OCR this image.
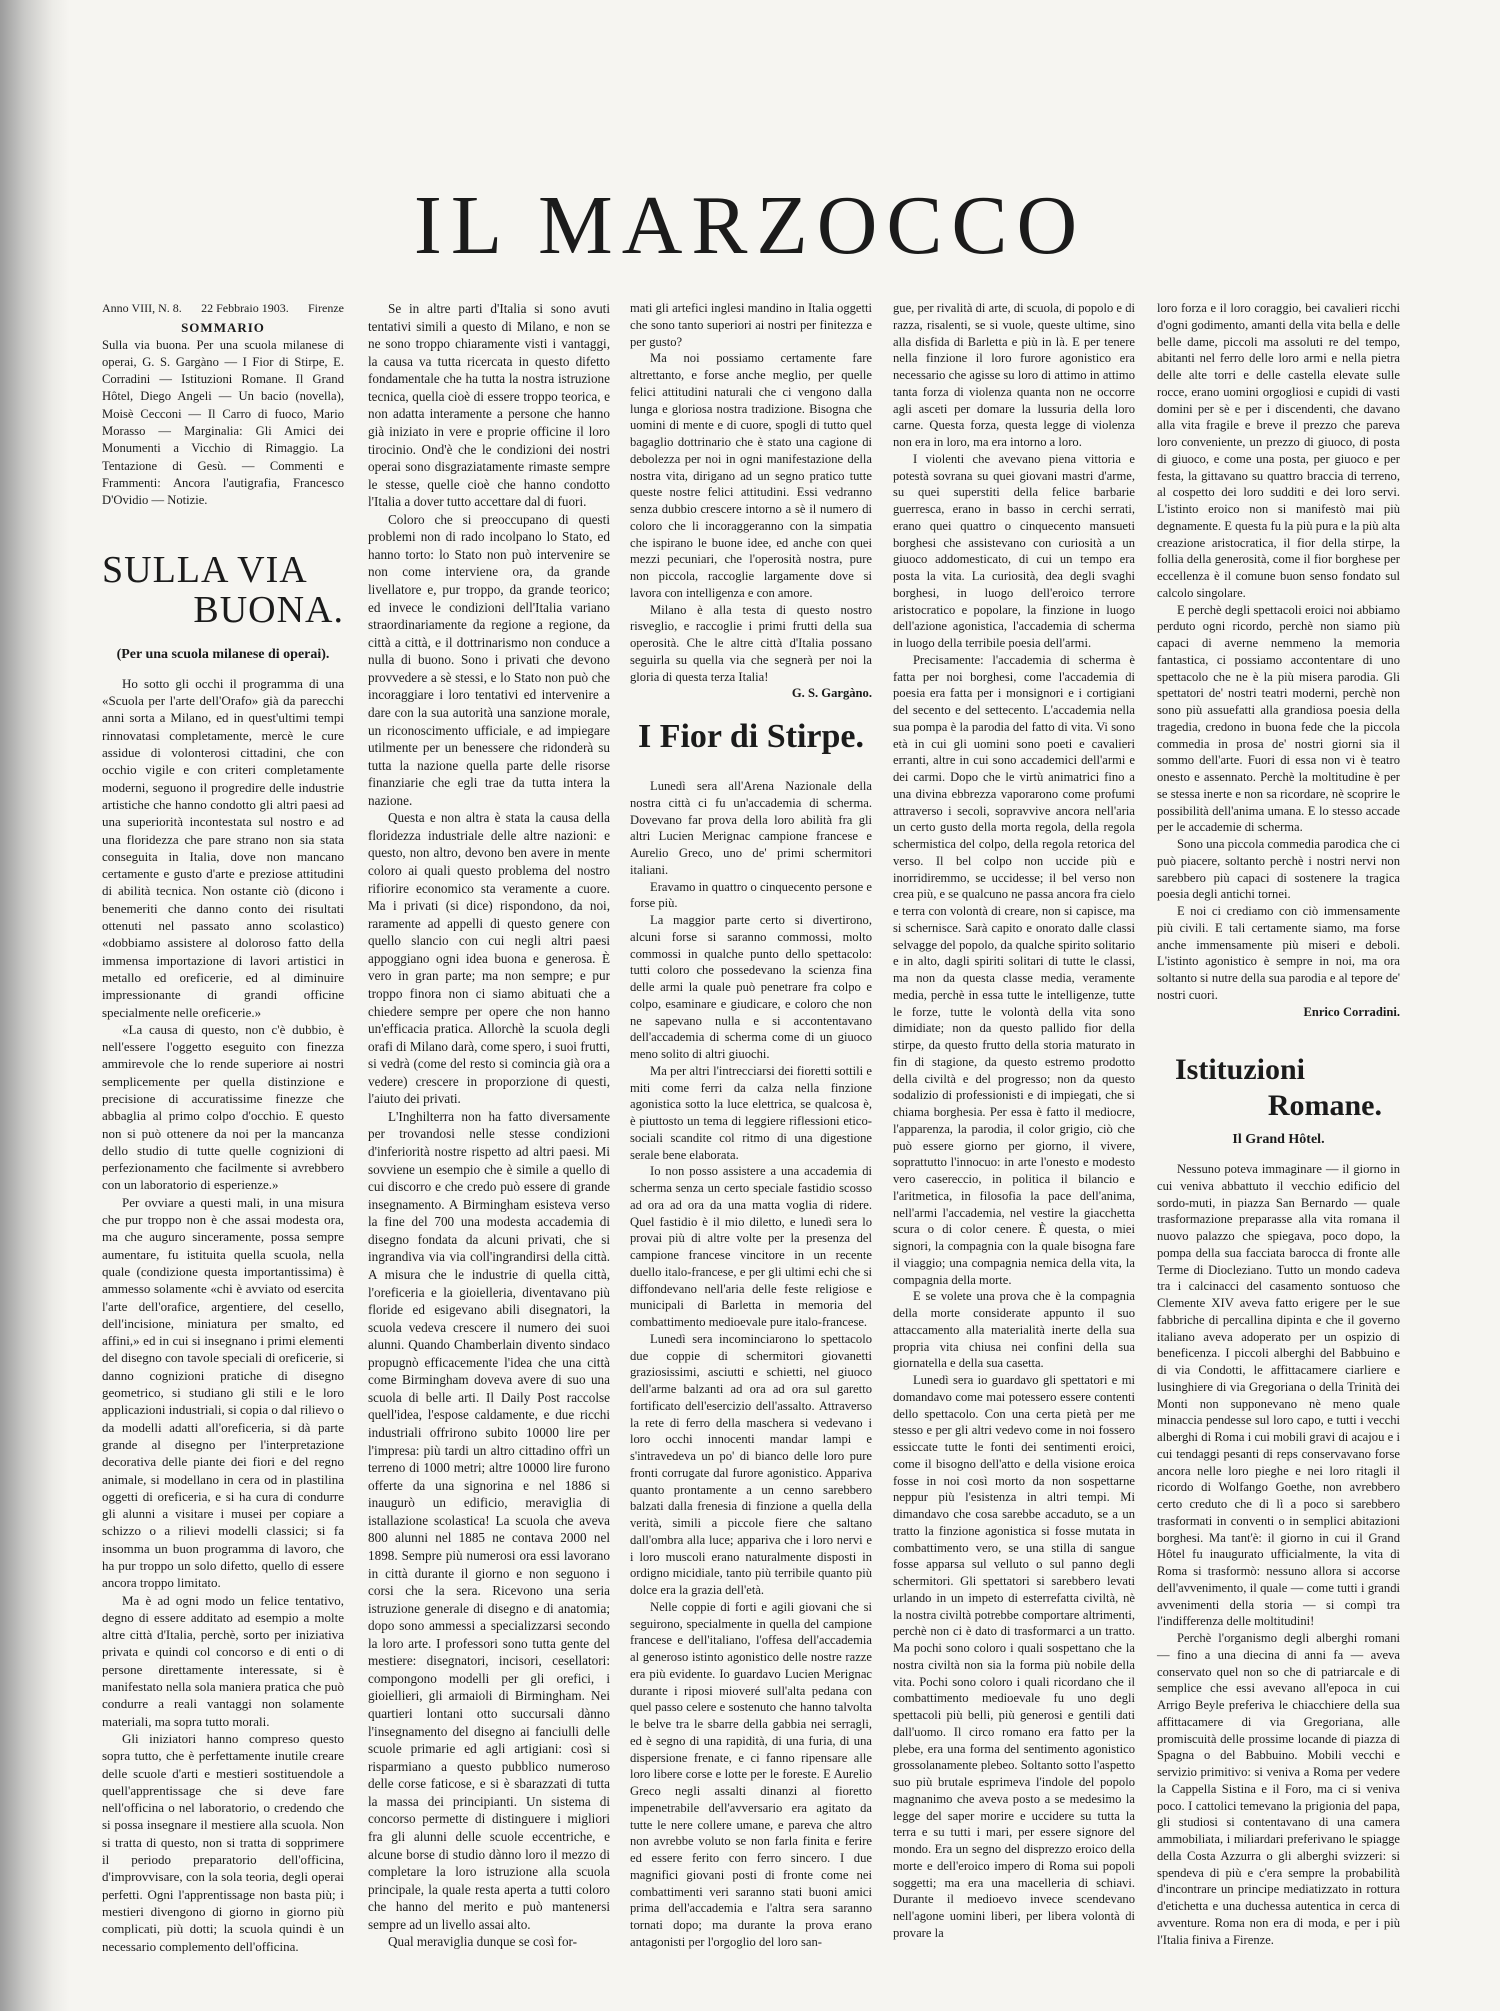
IL MARZOCCO
Anno VIII, N. 8. 22 Febbraio 1903. Firenze
SOMMARIO

Sulla via buona. Per una scuola milanese di operai, G. S. Gargàno — I Fior di Stirpe, E. Corradini — Istituzioni Romane. Il Grand Hôtel, Diego Angeli — Un bacio (novella), Moisè Cecconi — Il Carro di fuoco, Mario Morasso — Marginalia: Gli Amici dei Monumenti a Vicchio di Rimaggio. La Tentazione di Gesù. — Commenti e Frammenti: Ancora l'autigrafia, Francesco D'Ovidio — Notizie.

SULLA VIA
BUONA.
(Per una scuola milanese di operai).

Ho sotto gli occhi il programma di una «Scuola per l'arte dell'Orafo» già da parecchi anni sorta a Milano, ed in quest'ultimi tempi rinnovatasi completamente, mercè le cure assidue di volonterosi cittadini, che con occhio vigile e con criteri completamente moderni, seguono il progredire delle industrie artistiche che hanno condotto gli altri paesi ad una superiorità incontestata sul nostro e ad una floridezza che pare strano non sia stata conseguita in Italia, dove non mancano certamente e gusto d'arte e preziose attitudini di abilità tecnica. Non ostante ciò (dicono i benemeriti che danno conto dei risultati ottenuti nel passato anno scolastico) «dobbiamo assistere al doloroso fatto della immensa importazione di lavori artistici in metallo ed oreficerie, ed al diminuire impressionante di grandi officine specialmente nelle oreficerie.»

«La causa di questo, non c'è dubbio, è nell'essere l'oggetto eseguito con finezza ammirevole che lo rende superiore ai nostri semplicemente per quella distinzione e precisione di accuratissime finezze che abbaglia al primo colpo d'occhio. E questo non si può ottenere da noi per la mancanza dello studio di tutte quelle cognizioni di perfezionamento che facilmente si avrebbero con un laboratorio di esperienze.»

Per ovviare a questi mali, in una misura che pur troppo non è che assai modesta ora, ma che auguro sinceramente, possa sempre aumentare, fu istituita quella scuola, nella quale (condizione questa importantissima) è ammesso solamente «chi è avviato od esercita l'arte dell'orafice, argentiere, del cesello, dell'incisione, miniatura per smalto, ed affini,» ed in cui si insegnano i primi elementi del disegno con tavole speciali di oreficerie, si danno cognizioni pratiche di disegno geometrico, si studiano gli stili e le loro applicazioni industriali, si copia o dal rilievo o da modelli adatti all'oreficeria, si dà parte grande al disegno per l'interpretazione decorativa delle piante dei fiori e del regno animale, si modellano in cera od in plastilina oggetti di oreficeria, e si ha cura di condurre gli alunni a visitare i musei per copiare a schizzo o a rilievi modelli classici; si fa insomma un buon programma di lavoro, che ha pur troppo un solo difetto, quello di essere ancora troppo limitato.

Ma è ad ogni modo un felice tentativo, degno di essere additato ad esempio a molte altre città d'Italia, perchè, sorto per iniziativa privata e quindi col concorso e di enti o di persone direttamente interessate, si è manifestato nella sola maniera pratica che può condurre a reali vantaggi non solamente materiali, ma sopra tutto morali.

Gli iniziatori hanno compreso questo sopra tutto, che è perfettamente inutile creare delle scuole d'arti e mestieri sostituendole a quell'apprentissage che si deve fare nell'officina o nel laboratorio, o credendo che si possa insegnare il mestiere alla scuola. Non si tratta di questo, non si tratta di sopprimere il periodo preparatorio dell'officina, d'improvvisare, con la sola teoria, degli operai perfetti. Ogni l'apprentissage non basta più; i mestieri divengono di giorno in giorno più complicati, più dotti; la scuola quindi è un necessario complemento dell'officina.

Se in altre parti d'Italia si sono avuti tentativi simili a questo di Milano, e non se ne sono troppo chiaramente visti i vantaggi, la causa va tutta ricercata in questo difetto fondamentale che ha tutta la nostra istruzione tecnica, quella cioè di essere troppo teorica, e non adatta interamente a persone che hanno già iniziato in vere e proprie officine il loro tirocinio. Ond'è che le condizioni dei nostri operai sono disgraziatamente rimaste sempre le stesse, quelle cioè che hanno condotto l'Italia a dover tutto accettare dal di fuori.

Coloro che si preoccupano di questi problemi non di rado incolpano lo Stato, ed hanno torto: lo Stato non può intervenire se non come interviene ora, da grande livellatore e, pur troppo, da grande teorico; ed invece le condizioni dell'Italia variano straordinariamente da regione a regione, da città a città, e il dottrinarismo non conduce a nulla di buono. Sono i privati che devono provvedere a sè stessi, e lo Stato non può che incoraggiare i loro tentativi ed intervenire a dare con la sua autorità una sanzione morale, un riconoscimento ufficiale, e ad impiegare utilmente per un benessere che ridonderà su tutta la nazione quella parte delle risorse finanziarie che egli trae da tutta intera la nazione.

Questa e non altra è stata la causa della floridezza industriale delle altre nazioni: e questo, non altro, devono ben avere in mente coloro ai quali questo problema del nostro rifiorire economico sta veramente a cuore. Ma i privati (si dice) rispondono, da noi, raramente ad appelli di questo genere con quello slancio con cui negli altri paesi appoggiano ogni idea buona e generosa. È vero in gran parte; ma non sempre; e pur troppo finora non ci siamo abituati che a chiedere sempre per opere che non hanno un'efficacia pratica. Allorchè la scuola degli orafi di Milano darà, come spero, i suoi frutti, si vedrà (come del resto si comincia già ora a vedere) crescere in proporzione di questi, l'aiuto dei privati.

L'Inghilterra non ha fatto diversamente per trovandosi nelle stesse condizioni d'inferiorità nostre rispetto ad altri paesi. Mi sovviene un esempio che è simile a quello di cui discorro e che credo può essere di grande insegnamento. A Birmingham esisteva verso la fine del 700 una modesta accademia di disegno fondata da alcuni privati, che si ingrandiva via via coll'ingrandirsi della città. A misura che le industrie di quella città, l'oreficeria e la gioielleria, diventavano più floride ed esigevano abili disegnatori, la scuola vedeva crescere il numero dei suoi alunni. Quando Chamberlain divento sindaco propugnò efficacemente l'idea che una città come Birmingham doveva avere di suo una scuola di belle arti. Il Daily Post raccolse quell'idea, l'espose caldamente, e due ricchi industriali offrirono subito 10000 lire per l'impresa: più tardi un altro cittadino offrì un terreno di 1000 metri; altre 10000 lire furono offerte da una signorina e nel 1886 si inaugurò un edificio, meraviglia di istallazione scolastica! La scuola che aveva 800 alunni nel 1885 ne contava 2000 nel 1898. Sempre più numerosi ora essi lavorano in città durante il giorno e non seguono i corsi che la sera. Ricevono una seria istruzione generale di disegno e di anatomia; dopo sono ammessi a specializzarsi secondo la loro arte. I professori sono tutta gente del mestiere: disegnatori, incisori, cesellatori: compongono modelli per gli orefici, i gioiellieri, gli armaioli di Birmingham. Nei quartieri lontani otto succursali dànno l'insegnamento del disegno ai fanciulli delle scuole primarie ed agli artigiani: così si risparmiano a questo pubblico numeroso delle corse faticose, e si è sbarazzati di tutta la massa dei principianti. Un sistema di concorso permette di distinguere i migliori fra gli alunni delle scuole eccentriche, e alcune borse di studio dànno loro il mezzo di completare la loro istruzione alla scuola principale, la quale resta aperta a tutti coloro che hanno del merito e può mantenersi sempre ad un livello assai alto.

Qual meraviglia dunque se così for-

mati gli artefici inglesi mandino in Italia oggetti che sono tanto superiori ai nostri per finitezza e per gusto?

Ma noi possiamo certamente fare altrettanto, e forse anche meglio, per quelle felici attitudini naturali che ci vengono dalla lunga e gloriosa nostra tradizione. Bisogna che uomini di mente e di cuore, spogli di tutto quel bagaglio dottrinario che è stato una cagione di debolezza per noi in ogni manifestazione della nostra vita, dirigano ad un segno pratico tutte queste nostre felici attitudini. Essi vedranno senza dubbio crescere intorno a sè il numero di coloro che li incoraggeranno con la simpatia che ispirano le buone idee, ed anche con quei mezzi pecuniari, che l'operosità nostra, pure non piccola, raccoglie largamente dove si lavora con intelligenza e con amore.

Milano è alla testa di questo nostro risveglio, e raccoglie i primi frutti della sua operosità. Che le altre città d'Italia possano seguirla su quella via che segnerà per noi la gloria di questa terza Italia!

G. S. Gargàno.

I Fior di Stirpe.

Lunedì sera all'Arena Nazionale della nostra città ci fu un'accademia di scherma. Dovevano far prova della loro abilità fra gli altri Lucien Merignac campione francese e Aurelio Greco, uno de' primi schermitori italiani.

Eravamo in quattro o cinquecento persone e forse più.

La maggior parte certo si divertirono, alcuni forse si saranno commossi, molto commossi in qualche punto dello spettacolo: tutti coloro che possedevano la scienza fina delle armi la quale può penetrare fra colpo e colpo, esaminare e giudicare, e coloro che non ne sapevano nulla e si accontentavano dell'accademia di scherma come di un giuoco meno solito di altri giuochi.

Ma per altri l'intrecciarsi dei fioretti sottili e miti come ferri da calza nella finzione agonistica sotto la luce elettrica, se qualcosa è, è piuttosto un tema di leggiere riflessioni etico-sociali scandite col ritmo di una digestione serale bene elaborata.

Io non posso assistere a una accademia di scherma senza un certo speciale fastidio scosso ad ora ad ora da una matta voglia di ridere. Quel fastidio è il mio diletto, e lunedì sera lo provai più di altre volte per la presenza del campione francese vincitore in un recente duello italo-francese, e per gli ultimi echi che si diffondevano nell'aria delle feste religiose e municipali di Barletta in memoria del combattimento medioevale pure italo-francese.

Lunedì sera incominciarono lo spettacolo due coppie di schermitori giovanetti graziosissimi, asciutti e schietti, nel giuoco dell'arme balzanti ad ora ad ora sul garetto fortificato dell'esercizio dell'assalto. Attraverso la rete di ferro della maschera si vedevano i loro occhi innocenti mandar lampi e s'intravedeva un po' di bianco delle loro pure fronti corrugate dal furore agonistico. Appariva quanto prontamente a un cenno sarebbero balzati dalla frenesia di finzione a quella della verità, simili a piccole fiere che saltano dall'ombra alla luce; appariva che i loro nervi e i loro muscoli erano naturalmente disposti in ordigno micidiale, tanto più terribile quanto più dolce era la grazia dell'età.

Nelle coppie di forti e agili giovani che si seguirono, specialmente in quella del campione francese e dell'italiano, l'offesa dell'accademia al generoso istinto agonistico delle nostre razze era più evidente. Io guardavo Lucien Merignac durante i riposi mioveré sull'alta pedana con quel passo celere e sostenuto che hanno talvolta le belve tra le sbarre della gabbia nei serragli, ed è segno di una rapidità, di una furia, di una dispersione frenate, e ci fanno ripensare alle loro libere corse e lotte per le foreste. E Aurelio Greco negli assalti dinanzi al fioretto impenetrabile dell'avversario era agitato da tutte le nere collere umane, e pareva che altro non avrebbe voluto se non farla finita e ferire ed essere ferito con ferro sincero. I due magnifici giovani posti di fronte come nei combattimenti veri saranno stati buoni amici prima dell'accademia e l'altra sera saranno tornati dopo; ma durante la prova erano antagonisti per l'orgoglio del loro san-

gue, per rivalità di arte, di scuola, di popolo e di razza, risalenti, se si vuole, queste ultime, sino alla disfida di Barletta e più in là. E per tenere nella finzione il loro furore agonistico era necessario che agisse su loro di attimo in attimo tanta forza di violenza quanta non ne occorre agli asceti per domare la lussuria della loro carne. Questa forza, questa legge di violenza non era in loro, ma era intorno a loro.

I violenti che avevano piena vittoria e potestà sovrana su quei giovani mastri d'arme, su quei superstiti della felice barbarie guerresca, erano in basso in cerchi serrati, erano quei quattro o cinquecento mansueti borghesi che assistevano con curiosità a un giuoco addomesticato, di cui un tempo era posta la vita. La curiosità, dea degli svaghi borghesi, in luogo dell'eroico terrore aristocratico e popolare, la finzione in luogo dell'azione agonistica, l'accademia di scherma in luogo della terribile poesia dell'armi.

Precisamente: l'accademia di scherma è fatta per noi borghesi, come l'accademia di poesia era fatta per i monsignori e i cortigiani del secento e del settecento. L'accademia nella sua pompa è la parodia del fatto di vita. Vi sono età in cui gli uomini sono poeti e cavalieri erranti, altre in cui sono accademici dell'armi e dei carmi. Dopo che le virtù animatrici fino a una divina ebbrezza vaporarono come profumi attraverso i secoli, sopravvive ancora nell'aria un certo gusto della morta regola, della regola schermistica del colpo, della regola retorica del verso. Il bel colpo non uccide più e inorridiremmo, se uccidesse; il bel verso non crea più, e se qualcuno ne passa ancora fra cielo e terra con volontà di creare, non si capisce, ma si schernisce. Sarà capito e onorato dalle classi selvagge del popolo, da qualche spirito solitario e in alto, dagli spiriti solitari di tutte le classi, ma non da questa classe media, veramente media, perchè in essa tutte le intelligenze, tutte le forze, tutte le volontà della vita sono dimidiate; non da questo pallido fior della stirpe, da questo frutto della storia maturato in fin di stagione, da questo estremo prodotto della civiltà e del progresso; non da questo sodalizio di professionisti e di impiegati, che si chiama borghesia. Per essa è fatto il mediocre, l'apparenza, la parodia, il color grigio, ciò che può essere giorno per giorno, il vivere, soprattutto l'innocuo: in arte l'onesto e modesto vero casereccio, in politica il bilancio e l'aritmetica, in filosofia la pace dell'anima, nell'armi l'accademia, nel vestire la giacchetta scura o di color cenere. È questa, o miei signori, la compagnia con la quale bisogna fare il viaggio; una compagnia nemica della vita, la compagnia della morte.

E se volete una prova che è la compagnia della morte considerate appunto il suo attaccamento alla materialità inerte della sua propria vita chiusa nei confini della sua giornatella e della sua casetta.

Lunedì sera io guardavo gli spettatori e mi domandavo come mai potessero essere contenti dello spettacolo. Con una certa pietà per me stesso e per gli altri vedevo come in noi fossero essiccate tutte le fonti dei sentimenti eroici, come il bisogno dell'atto e della visione eroica fosse in noi così morto da non sospettarne neppur più l'esistenza in altri tempi. Mi dimandavo che cosa sarebbe accaduto, se a un tratto la finzione agonistica si fosse mutata in combattimento vero, se una stilla di sangue fosse apparsa sul velluto o sul panno degli schermitori. Gli spettatori si sarebbero levati urlando in un impeto di esterrefatta civiltà, nè la nostra civiltà potrebbe comportare altrimenti, perchè non ci è dato di trasformarci a un tratto. Ma pochi sono coloro i quali sospettano che la nostra civiltà non sia la forma più nobile della vita. Pochi sono coloro i quali ricordano che il combattimento medioevale fu uno degli spettacoli più belli, più generosi e gentili dati dall'uomo. Il circo romano era fatto per la plebe, era una forma del sentimento agonistico grossolanamente plebeo. Soltanto sotto l'aspetto suo più brutale esprimeva l'indole del popolo magnanimo che aveva posto a se medesimo la legge del saper morire e uccidere su tutta la terra e su tutti i mari, per essere signore del mondo. Era un segno del disprezzo eroico della morte e dell'eroico impero di Roma sui popoli soggetti; ma era una macelleria di schiavi. Durante il medioevo invece scendevano nell'agone uomini liberi, per libera volontà di provare la

loro forza e il loro coraggio, bei cavalieri ricchi d'ogni godimento, amanti della vita bella e delle belle dame, piccoli ma assoluti re del tempo, abitanti nel ferro delle loro armi e nella pietra delle alte torri e delle castella elevate sulle rocce, erano uomini orgogliosi e cupidi di vasti domini per sè e per i discendenti, che davano alla vita fragile e breve il prezzo che pareva loro conveniente, un prezzo di giuoco, di posta di giuoco, e come una posta, per giuoco e per festa, la gittavano su quattro braccia di terreno, al cospetto dei loro sudditi e dei loro servi. L'istinto eroico non si manifestò mai più degnamente. E questa fu la più pura e la più alta creazione aristocratica, il fior della stirpe, la follia della generosità, come il fior borghese per eccellenza è il comune buon senso fondato sul calcolo singolare.

E perchè degli spettacoli eroici noi abbiamo perduto ogni ricordo, perchè non siamo più capaci di averne nemmeno la memoria fantastica, ci possiamo accontentare di uno spettacolo che ne è la più misera parodia. Gli spettatori de' nostri teatri moderni, perchè non sono più assuefatti alla grandiosa poesia della tragedia, credono in buona fede che la piccola commedia in prosa de' nostri giorni sia il sommo dell'arte. Fuori di essa non vi è teatro onesto e assennato. Perchè la moltitudine è per se stessa inerte e non sa ricordare, nè scoprire le possibilità dell'anima umana. E lo stesso accade per le accademie di scherma.

Sono una piccola commedia parodica che ci può piacere, soltanto perchè i nostri nervi non sarebbero più capaci di sostenere la tragica poesia degli antichi tornei.

E noi ci crediamo con ciò immensamente più civili. E tali certamente siamo, ma forse anche immensamente più miseri e deboli. L'istinto agonistico è sempre in noi, ma ora soltanto si nutre della sua parodia e al tepore de' nostri cuori.

Enrico Corradini.

Istituzioni
Romane.
Il Grand Hôtel.

Nessuno poteva immaginare — il giorno in cui veniva abbattuto il vecchio edificio del sordo-muti, in piazza San Bernardo — quale trasformazione preparasse alla vita romana il nuovo palazzo che spiegava, poco dopo, la pompa della sua facciata barocca di fronte alle Terme di Diocleziano. Tutto un mondo cadeva tra i calcinacci del casamento sontuoso che Clemente XIV aveva fatto erigere per le sue fabbriche di percallina dipinta e che il governo italiano aveva adoperato per un ospizio di beneficenza. I piccoli alberghi del Babbuino e di via Condotti, le affittacamere ciarliere e lusinghiere di via Gregoriana o della Trinità dei Monti non supponevano nè meno quale minaccia pendesse sul loro capo, e tutti i vecchi alberghi di Roma i cui mobili gravi di acajou e i cui tendaggi pesanti di reps conservavano forse ancora nelle loro pieghe e nei loro ritagli il ricordo di Wolfango Goethe, non avrebbero certo creduto che di lì a poco si sarebbero trasformati in conventi o in semplici abitazioni borghesi. Ma tant'è: il giorno in cui il Grand Hôtel fu inaugurato ufficialmente, la vita di Roma si trasformò: nessuno allora si accorse dell'avvenimento, il quale — come tutti i grandi avvenimenti della storia — si compì tra l'indifferenza delle moltitudini!

Perchè l'organismo degli alberghi romani — fino a una diecina di anni fa — aveva conservato quel non so che di patriarcale e di semplice che essi avevano all'epoca in cui Arrigo Beyle preferiva le chiacchiere della sua affittacamere di via Gregoriana, alle promiscuità delle prossime locande di piazza di Spagna o del Babbuino. Mobili vecchi e servizio primitivo: si veniva a Roma per vedere la Cappella Sistina e il Foro, ma ci si veniva poco. I cattolici temevano la prigionia del papa, gli studiosi si contentavano di una camera ammobiliata, i miliardari preferivano le spiagge della Costa Azzurra o gli alberghi svizzeri: si spendeva di più e c'era sempre la probabilità d'incontrare un principe mediatizzato in rottura d'etichetta e una duchessa autentica in cerca di avventure. Roma non era di moda, e per i più l'Italia finiva a Firenze.
